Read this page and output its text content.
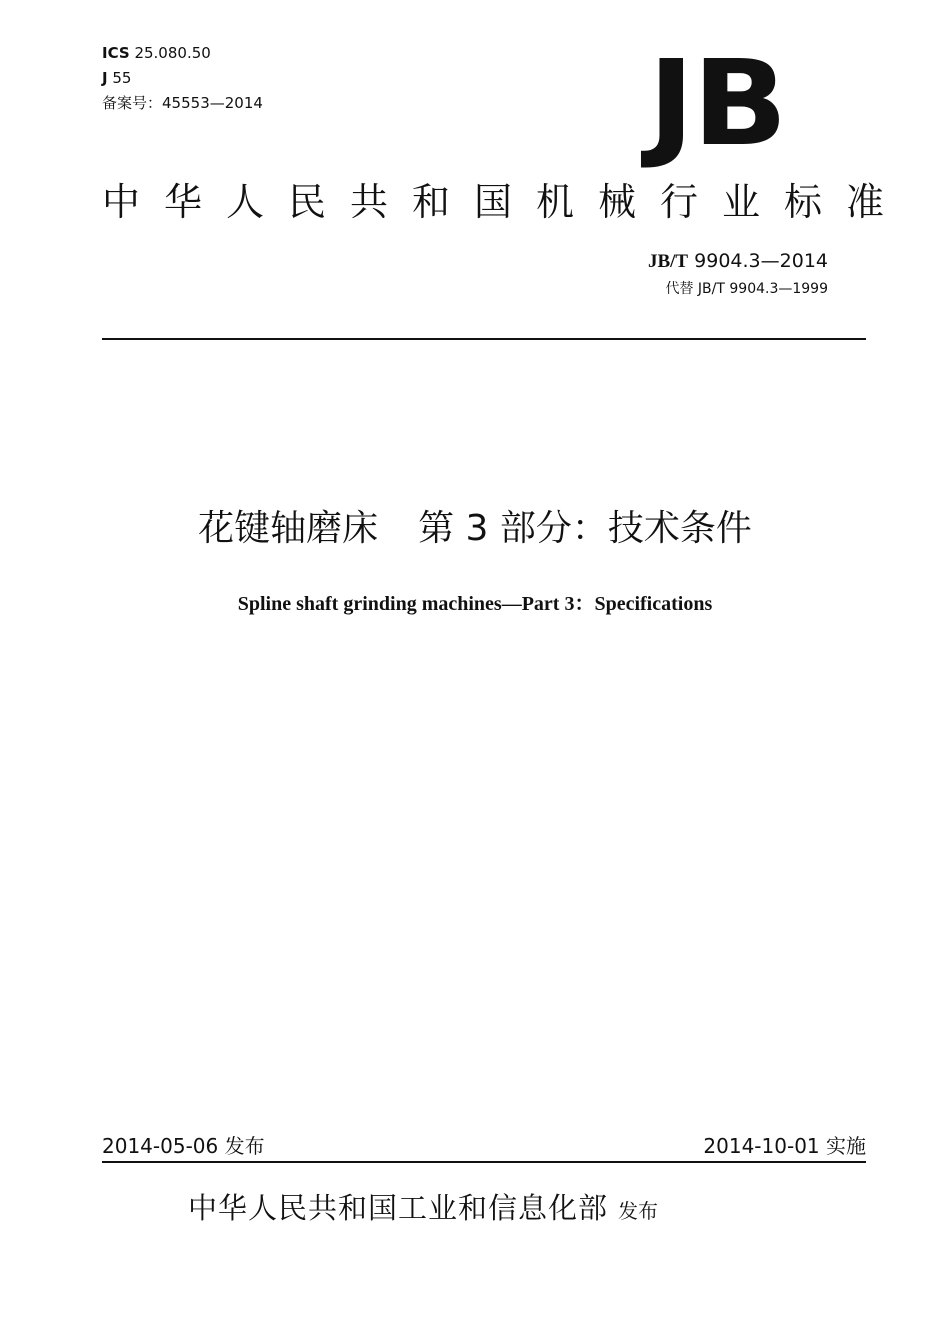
ICS 25.080.50
J 55
备案号：45553—2014	JB
中华人民共和国机械行业标准
JB/T 9904.3—2014
代替 JB/T 9904.3—1999
花键轴磨床 第 3 部分：技术条件
Spline shaft grinding machines—Part 3：Specifications
2014-05-06 发布	2014-10-01 实施
中华人民共和国工业和信息化部 发布
